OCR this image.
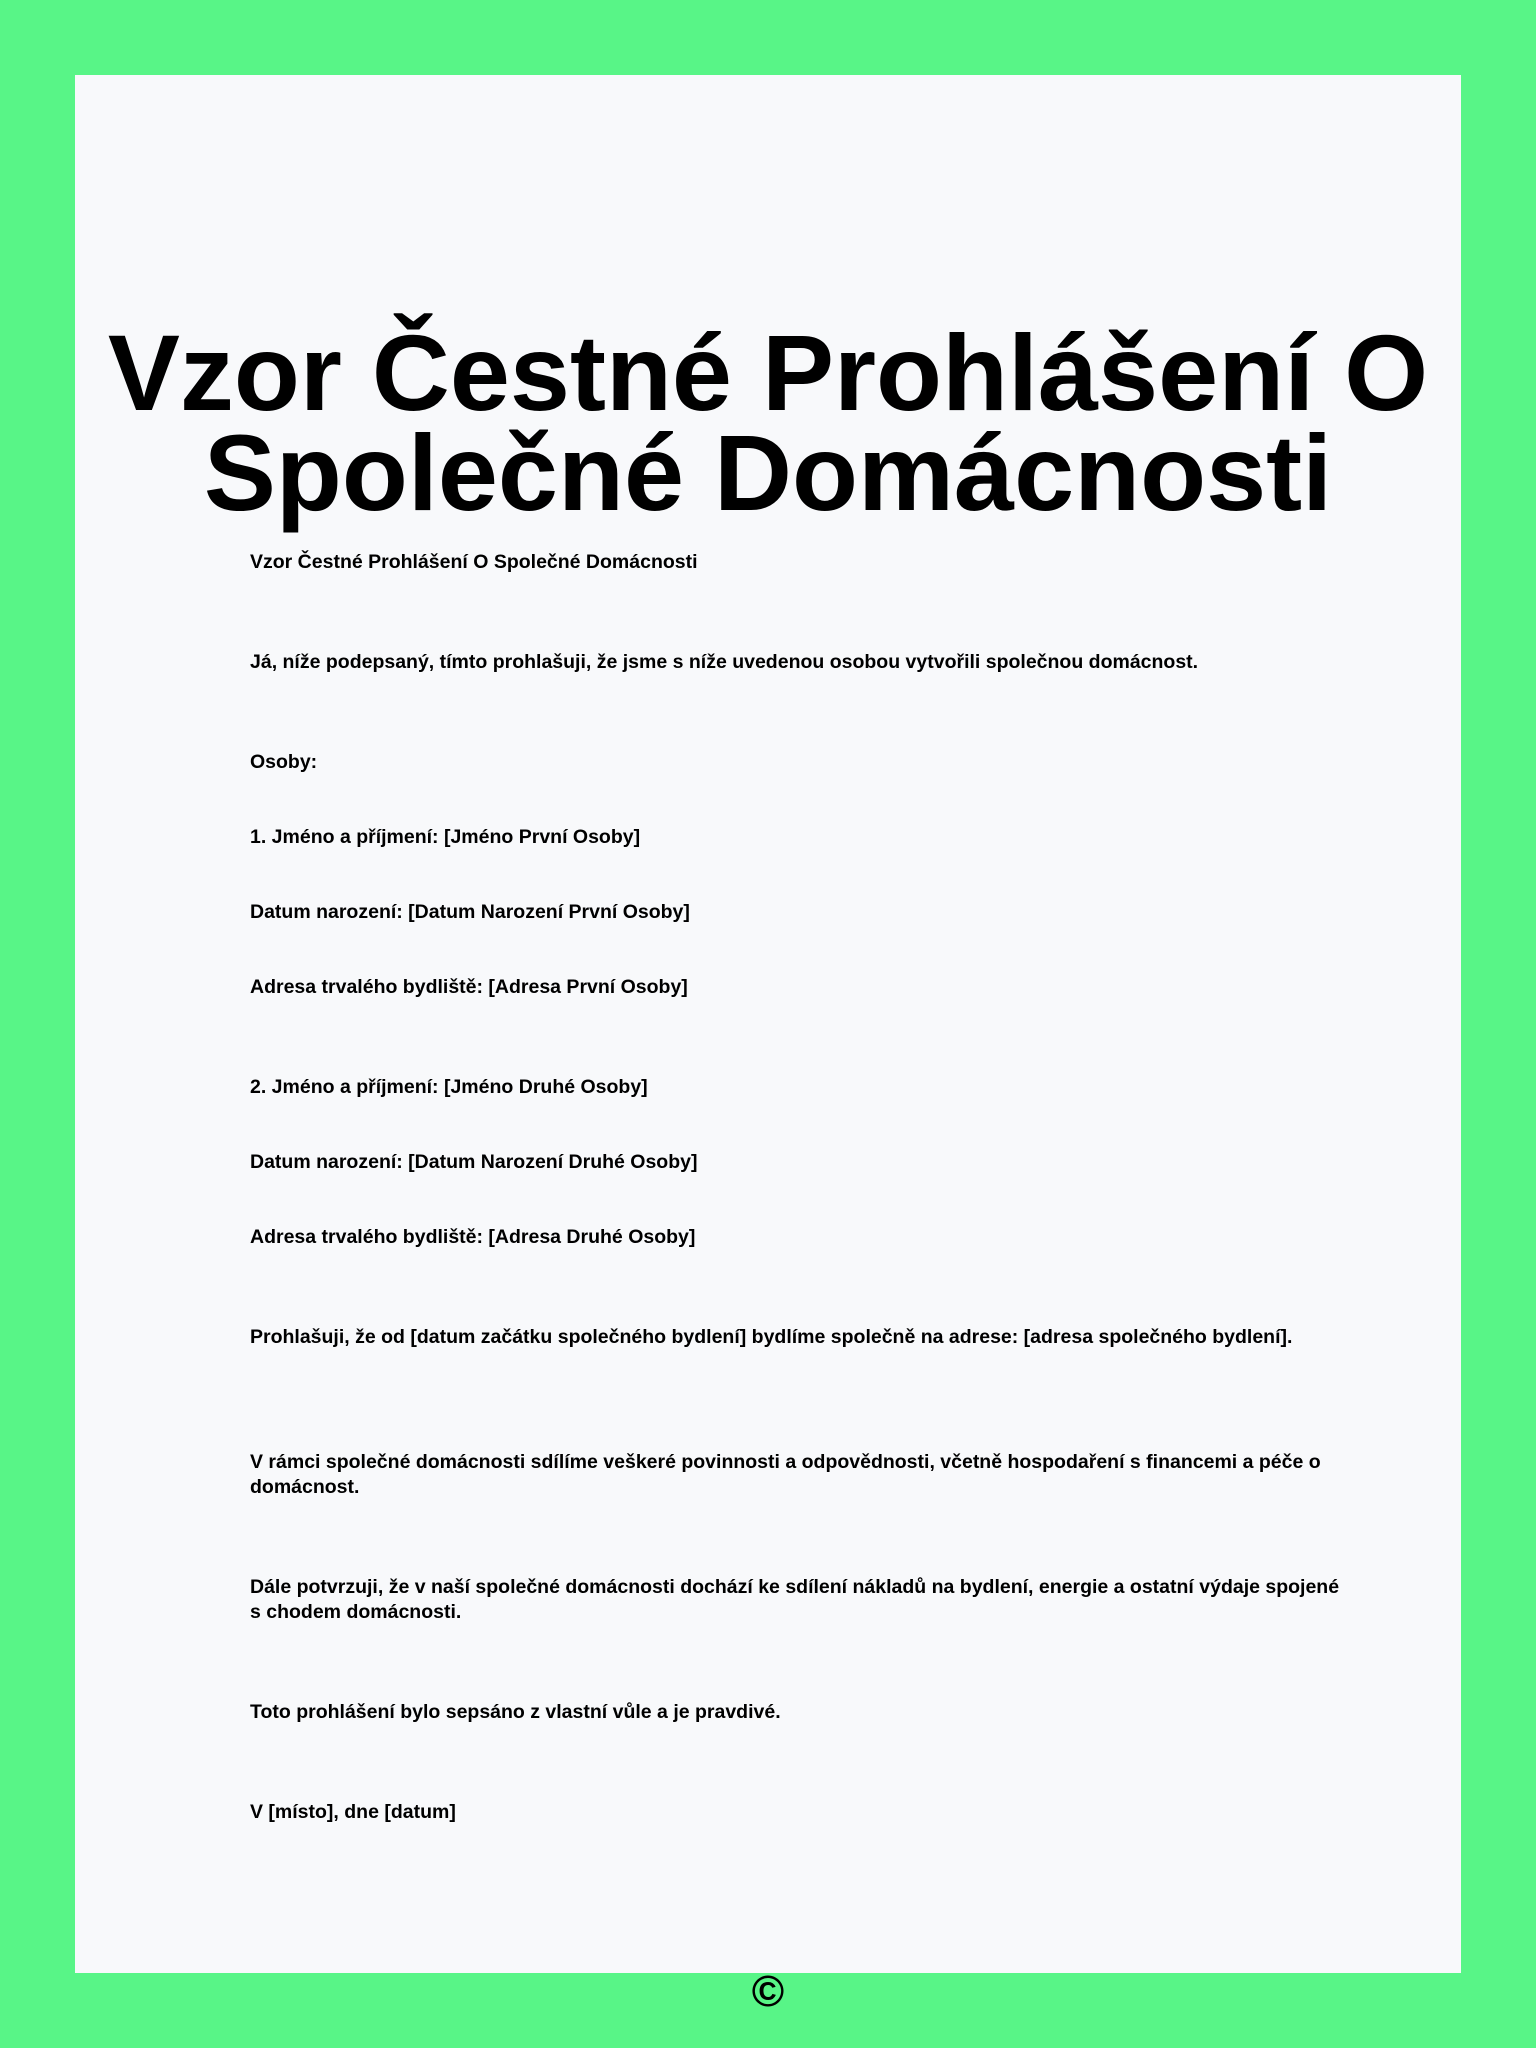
Vzor Čestné Prohlášení O Společné Domácnosti

Vzor Čestné Prohlášení O Společné Domácnosti

Já, níže podepsaný, tímto prohlašuji, že jsme s níže uvedenou osobou vytvořili společnou domácnost.

Osoby:

1. Jméno a příjmení: [Jméno První Osoby]

Datum narození: [Datum Narození První Osoby]

Adresa trvalého bydliště: [Adresa První Osoby]

2. Jméno a příjmení: [Jméno Druhé Osoby]

Datum narození: [Datum Narození Druhé Osoby]

Adresa trvalého bydliště: [Adresa Druhé Osoby]

Prohlašuji, že od [datum začátku společného bydlení] bydlíme společně na adrese: [adresa společného bydlení].

V rámci společné domácnosti sdílíme veškeré povinnosti a odpovědnosti, včetně hospodaření s financemi a péče o domácnost.

Dále potvrzuji, že v naší společné domácnosti dochází ke sdílení nákladů na bydlení, energie a ostatní výdaje spojené s chodem domácnosti.

Toto prohlášení bylo sepsáno z vlastní vůle a je pravdivé.

V [místo], dne [datum]

©
